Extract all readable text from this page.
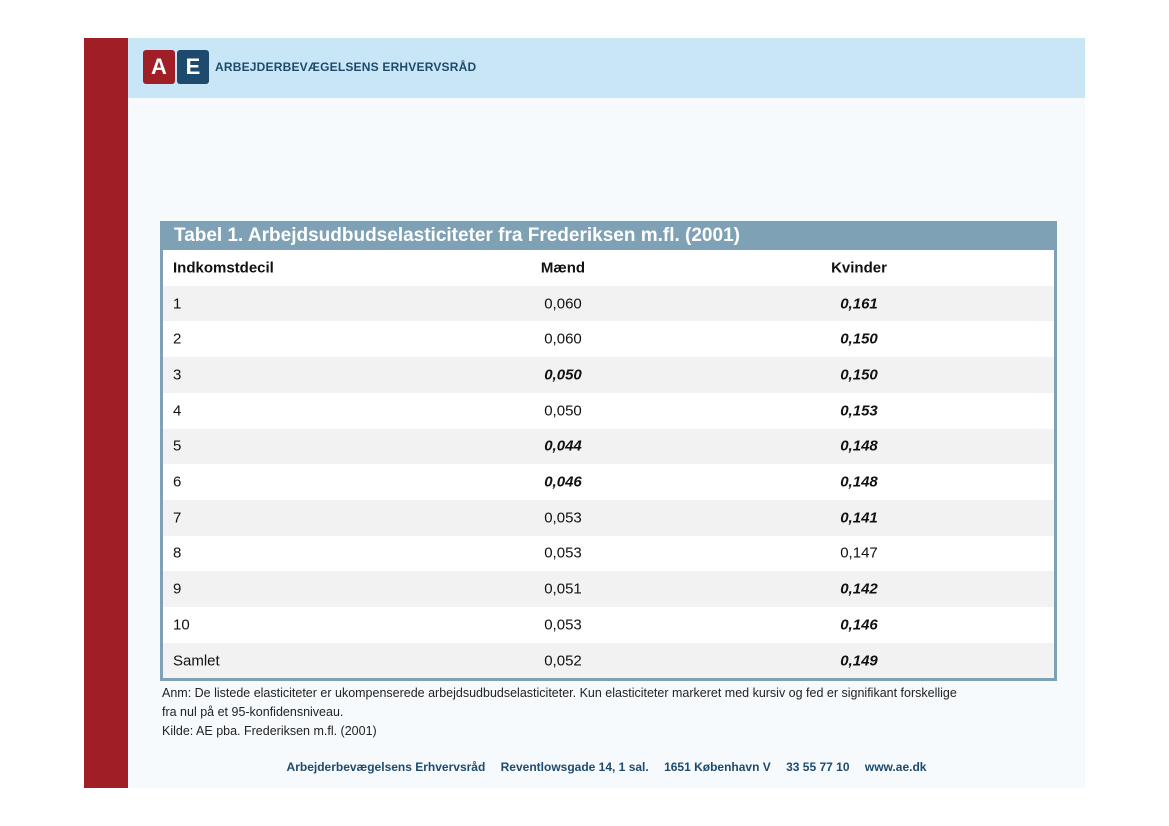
A E	ARBEJDERBEVÆGELSENS ERHVERVSRÅD
Tabel 1. Arbejdsudbudselasticiteter fra Frederiksen m.fl. (2001)
Indkomstdecil	Mænd	Kvinder
1	0,060	0,161
2	0,060	0,150
3	0,050	0,150
4	0,050	0,153
5	0,044	0,148
6	0,046	0,148
7	0,053	0,141
8	0,053	0,147
9	0,051	0,142
10	0,053	0,146
Samlet	0,052	0,149
Anm: De listede elasticiteter er ukompenserede arbejdsudbudselasticiteter. Kun elasticiteter markeret med kursiv og fed er signifikant forskellige
fra nul på et 95-konfidensniveau.
Kilde: AE pba. Frederiksen m.fl. (2001)
Arbejderbevægelsens Erhvervsråd Reventlowsgade 14, 1 sal. 1651 København V 33 55 77 10 www.ae.dk
